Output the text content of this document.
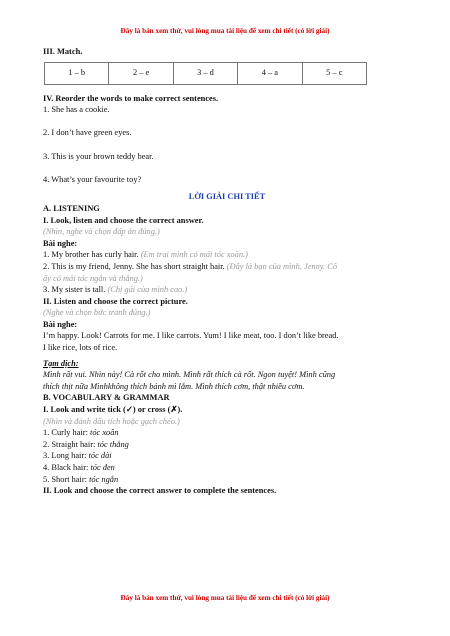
Đây là bản xem thử, vui lòng mua tài liệu để xem chi tiết (có lời giải)
III. Match.
1 – b	2 – e	3 – d	4 – a	5 – c
IV. Reorder the words to make correct sentences.
1. She has a cookie.
2. I don’t have green eyes.
3. This is your brown teddy bear.
4. What’s your favourite toy?
LỜI GIẢI CHI TIẾT
A. LISTENING
I. Look, listen and choose the correct answer.
(Nhìn, nghe và chọn đáp án đúng.)
Bài nghe:
1. My brother has curly hair. (Em trai mình có mái tóc xoăn.)
2. This is my friend, Jenny. She has short straight hair. (Đây là bạn của mình, Jenny. Cô
ấy có mái tóc ngắn và thẳng.)
3. My sister is tall. (Chị gái của mình cao.)
II. Listen and choose the correct picture.
(Nghe và chọn bức tranh đúng.)
Bài nghe:
I’m happy. Look! Carrots for me. I like carrots. Yum! I like meat, too. I don’t like bread.
I like rice, lots of rice.
Tạm dịch:
Mình rất vui. Nhìn này! Cà rốt cho mình. Mình rất thích cà rốt. Ngon tuyệt! Mình cũng
thích thịt nữa Mìnhkhông thích bánh mì lắm. Mình thích cơm, thật nhiều cơm.
B. VOCABULARY & GRAMMAR
I. Look and write tick (✓) or cross (✗).
(Nhìn và đánh dấu tích hoặc gạch chéo.)
1. Curly hair: tóc xoăn
2. Straight hair: tóc thẳng
3. Long hair: tóc dài
4. Black hair: tóc đen
5. Short hair: tóc ngắn
II. Look and choose the correct answer to complete the sentences.
Đây là bản xem thử, vui lòng mua tài liệu để xem chi tiết (có lời giải)
